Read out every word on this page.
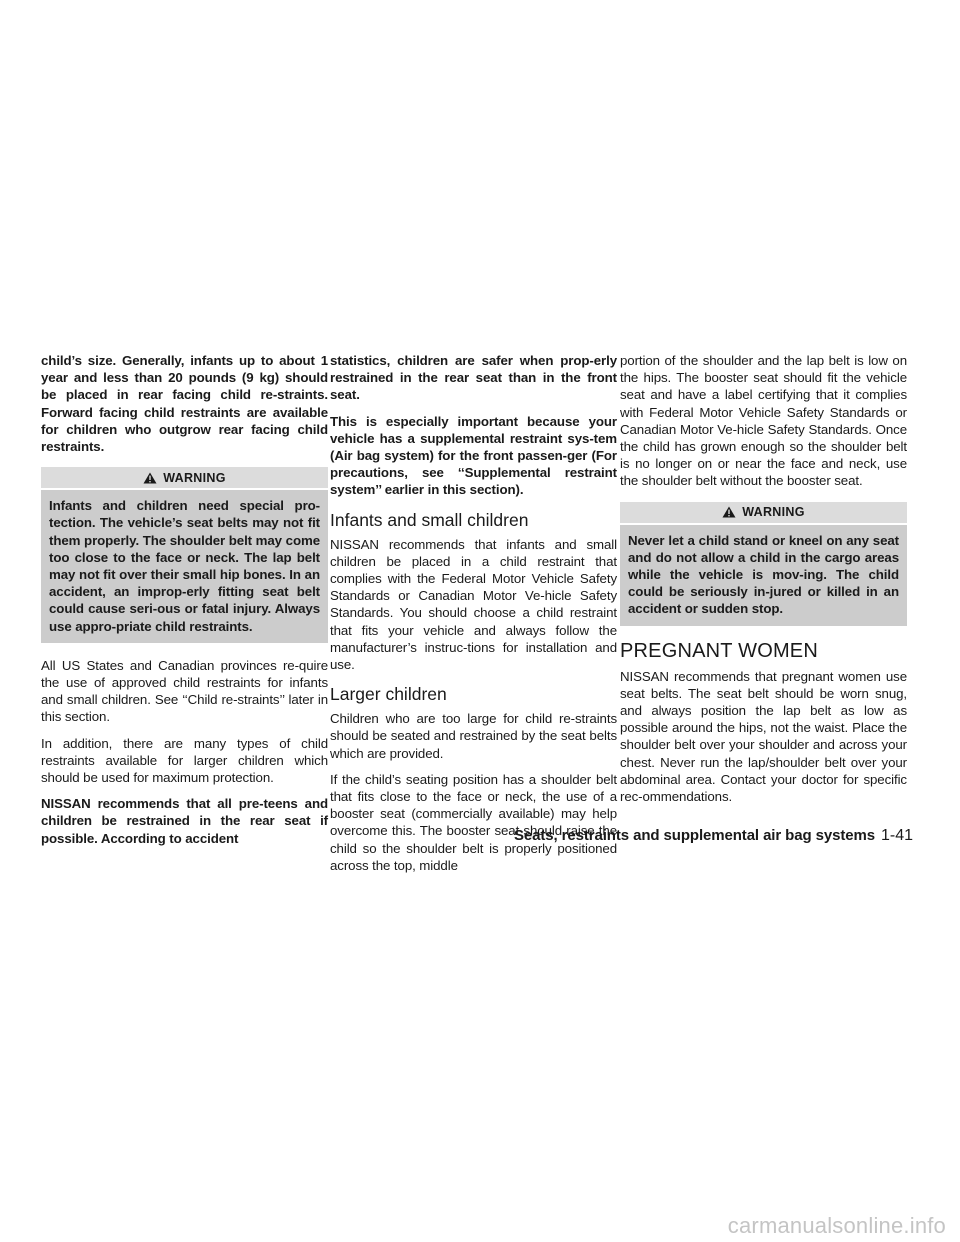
child’s size. Generally, infants up to about 1 year and less than 20 pounds (9 kg) should be placed in rear facing child re-straints. Forward facing child restraints are available for children who outgrow rear facing child restraints.

WARNING
Infants and children need special pro-tection. The vehicle’s seat belts may not fit them properly. The shoulder belt may come too close to the face or neck. The lap belt may not fit over their small hip bones. In an accident, an improp-erly fitting seat belt could cause seri-ous or fatal injury. Always use appro-priate child restraints.

All US States and Canadian provinces re-quire the use of approved child restraints for infants and small children. See ‘‘Child re-straints’’ later in this section.

In addition, there are many types of child restraints available for larger children which should be used for maximum protection.

NISSAN recommends that all pre-teens and children be restrained in the rear seat if possible. According to accident

statistics, children are safer when prop-erly restrained in the rear seat than in the front seat.

This is especially important because your vehicle has a supplemental restraint sys-tem (Air bag system) for the front passen-ger (For precautions, see ‘‘Supplemental restraint system’’ earlier in this section).

Infants and small children

NISSAN recommends that infants and small children be placed in a child restraint that complies with the Federal Motor Vehicle Safety Standards or Canadian Motor Ve-hicle Safety Standards. You should choose a child restraint that fits your vehicle and always follow the manufacturer’s instruc-tions for installation and use.

Larger children

Children who are too large for child re-straints should be seated and restrained by the seat belts which are provided.

If the child’s seating position has a shoulder belt that fits close to the face or neck, the use of a booster seat (commercially available) may help overcome this. The booster seat should raise the child so the shoulder belt is properly positioned across the top, middle

portion of the shoulder and the lap belt is low on the hips. The booster seat should fit the vehicle seat and have a label certifying that it complies with Federal Motor Vehicle Safety Standards or Canadian Motor Ve-hicle Safety Standards. Once the child has grown enough so the shoulder belt is no longer on or near the face and neck, use the shoulder belt without the booster seat.

WARNING
Never let a child stand or kneel on any seat and do not allow a child in the cargo areas while the vehicle is mov-ing. The child could be seriously in-jured or killed in an accident or sudden stop.
PREGNANT WOMEN

NISSAN recommends that pregnant women use seat belts. The seat belt should be worn snug, and always position the lap belt as low as possible around the hips, not the waist. Place the shoulder belt over your shoulder and across your chest. Never run the lap/shoulder belt over your abdominal area. Contact your doctor for specific rec-ommendations.

Seats, restraints and supplemental air bag systems 1-41
carmanualsonline.info
